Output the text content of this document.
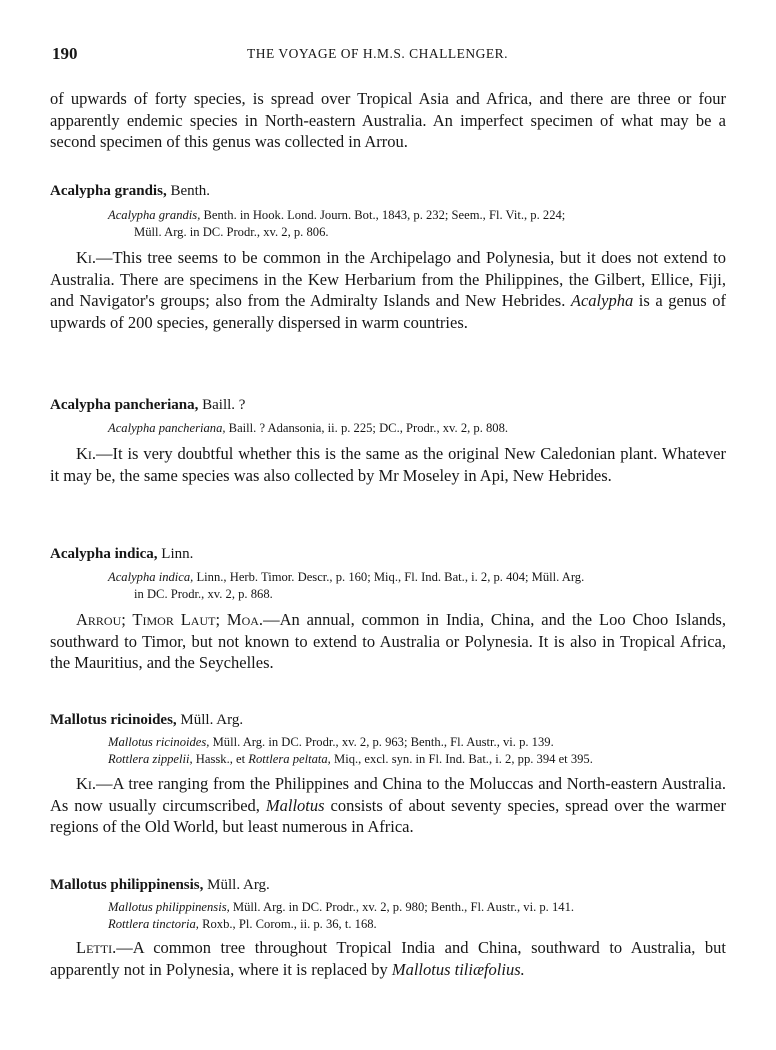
190	THE VOYAGE OF H.M.S. CHALLENGER.

of upwards of forty species, is spread over Tropical Asia and Africa, and there are three or four apparently endemic species in North-eastern Australia. An imperfect specimen of what may be a second specimen of this genus was collected in Arrou.

Acalypha grandis, Benth.

Acalypha grandis, Benth. in Hook. Lond. Journ. Bot., 1843, p. 232; Seem., Fl. Vit., p. 224;
Müll. Arg. in DC. Prodr., xv. 2, p. 806.

Ki.—This tree seems to be common in the Archipelago and Polynesia, but it does not extend to Australia. There are specimens in the Kew Herbarium from the Philippines, the Gilbert, Ellice, Fiji, and Navigator's groups; also from the Admiralty Islands and New Hebrides. Acalypha is a genus of upwards of 200 species, generally dispersed in warm countries.

Acalypha pancheriana, Baill. ?

Acalypha pancheriana, Baill. ? Adansonia, ii. p. 225; DC., Prodr., xv. 2, p. 808.

Ki.—It is very doubtful whether this is the same as the original New Caledonian plant. Whatever it may be, the same species was also collected by Mr Moseley in Api, New Hebrides.

Acalypha indica, Linn.

Acalypha indica, Linn., Herb. Timor. Descr., p. 160; Miq., Fl. Ind. Bat., i. 2, p. 404; Müll. Arg.
in DC. Prodr., xv. 2, p. 868.

Arrou; Timor Laut; Moa.—An annual, common in India, China, and the Loo Choo Islands, southward to Timor, but not known to extend to Australia or Polynesia. It is also in Tropical Africa, the Mauritius, and the Seychelles.

Mallotus ricinoides, Müll. Arg.

Mallotus ricinoides, Müll. Arg. in DC. Prodr., xv. 2, p. 963; Benth., Fl. Austr., vi. p. 139.

Rottlera zippelii, Hassk., et Rottlera peltata, Miq., excl. syn. in Fl. Ind. Bat., i. 2, pp. 394 et 395.

Ki.—A tree ranging from the Philippines and China to the Moluccas and North-eastern Australia. As now usually circumscribed, Mallotus consists of about seventy species, spread over the warmer regions of the Old World, but least numerous in Africa.

Mallotus philippinensis, Müll. Arg.

Mallotus philippinensis, Müll. Arg. in DC. Prodr., xv. 2, p. 980; Benth., Fl. Austr., vi. p. 141.

Rottlera tinctoria, Roxb., Pl. Corom., ii. p. 36, t. 168.

Letti.—A common tree throughout Tropical India and China, southward to Australia, but apparently not in Polynesia, where it is replaced by Mallotus tiliæfolius.
